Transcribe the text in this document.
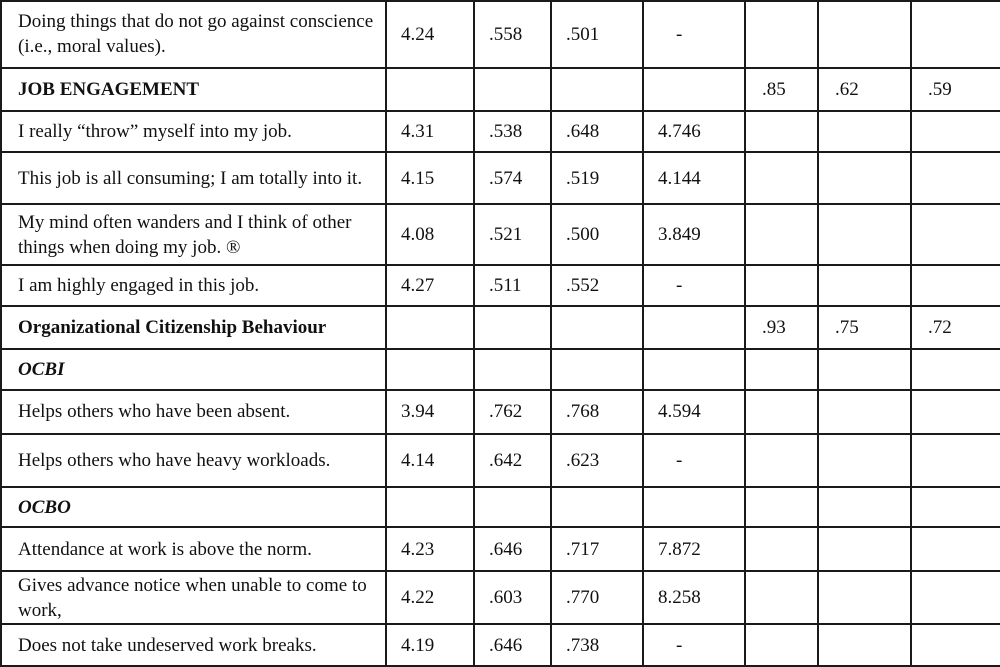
Doing things that do not go against conscience (i.e., moral values).	4.24	.558	.501	-			
JOB ENGAGEMENT					.85	.62	.59
I really “throw” myself into my job.	4.31	.538	.648	4.746			
This job is all consuming; I am totally into it.	4.15	.574	.519	4.144			
My mind often wanders and I think of other things when doing my job. ®	4.08	.521	.500	3.849			
I am highly engaged in this job.	4.27	.511	.552	-			
Organizational Citizenship Behaviour					.93	.75	.72
OCBI							
Helps others who have been absent.	3.94	.762	.768	4.594			
Helps others who have heavy workloads.	4.14	.642	.623	-			
OCBO							
Attendance at work is above the norm.	4.23	.646	.717	7.872			
Gives advance notice when unable to come to work,	4.22	.603	.770	8.258			
Does not take undeserved work breaks.	4.19	.646	.738	-			
